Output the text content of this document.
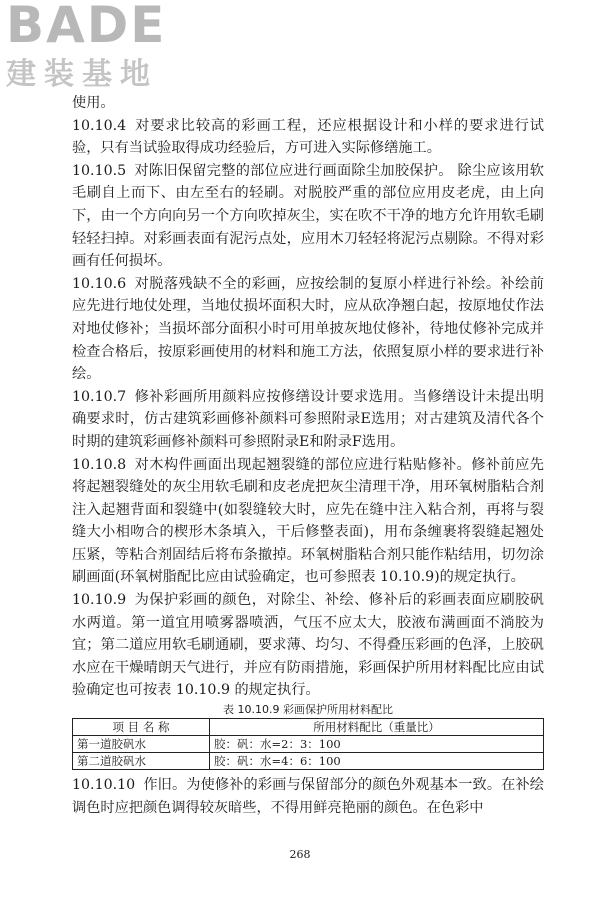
BADE
建装基地

使用。

10.10.4 对要求比较高的彩画工程，还应根据设计和小样的要求进行试验，只有当试验取得成功经验后，方可进入实际修缮施工。

10.10.5 对陈旧保留完整的部位应进行画面除尘加胶保护。 除尘应该用软毛刷自上而下、由左至右的轻刷。对脱胶严重的部位应用皮老虎，由上向下，由一个方向向另一个方向吹掉灰尘，实在吹不干净的地方允许用软毛刷轻轻扫掉。对彩画表面有泥污点处，应用木刀轻轻将泥污点剔除。不得对彩画有任何损坏。

10.10.6 对脱落残缺不全的彩画，应按绘制的复原小样进行补绘。补绘前应先进行地仗处理，当地仗损坏面积大时，应从砍净翘白起，按原地仗作法对地仗修补；当损坏部分面积小时可用单披灰地仗修补，待地仗修补完成并检查合格后，按原彩画使用的材料和施工方法，依照复原小样的要求进行补绘。

10.10.7 修补彩画所用颜料应按修缮设计要求选用。当修缮设计未提出明确要求时，仿古建筑彩画修补颜料可参照附录E选用；对古建筑及清代各个时期的建筑彩画修补颜料可参照附录E和附录F选用。

10.10.8 对木构件画面出现起翘裂缝的部位应进行粘贴修补。修补前应先将起翘裂缝处的灰尘用软毛刷和皮老虎把灰尘清理干净，用环氧树脂粘合剂注入起翘背面和裂缝中(如裂缝较大时，应先在缝中注入粘合剂，再将与裂缝大小相吻合的楔形木条填入，干后修整表面)，用布条缠裹将裂缝起翘处压紧，等粘合剂固结后将布条撤掉。环氧树脂粘合剂只能作粘结用，切勿涂刷画面(环氧树脂配比应由试验确定，也可参照表 10.10.9)的规定执行。

10.10.9 为保护彩画的颜色，对除尘、补绘、修补后的彩画表面应刷胶矾水两道。第一道宜用喷雾器喷洒，气压不应太大，胶液布满画面不淌胶为宜；第二道应用软毛刷通刷，要求薄、均匀、不得叠压彩画的色泽，上胶矾水应在干燥晴朗天气进行，并应有防雨措施，彩画保护所用材料配比应由试验确定也可按表 10.10.9 的规定执行。

表 10.10.9 彩画保护所用材料配比
项 目 名 称	所用材料配比（重量比）
第一道胶矾水	胶：矾：水=2：3：100
第二道胶矾水	胶：矾：水=4：6：100

10.10.10 作旧。为使修补的彩画与保留部分的颜色外观基本一致。在补绘调色时应把颜色调得较灰暗些，不得用鲜亮艳丽的颜色。在色彩中

268
